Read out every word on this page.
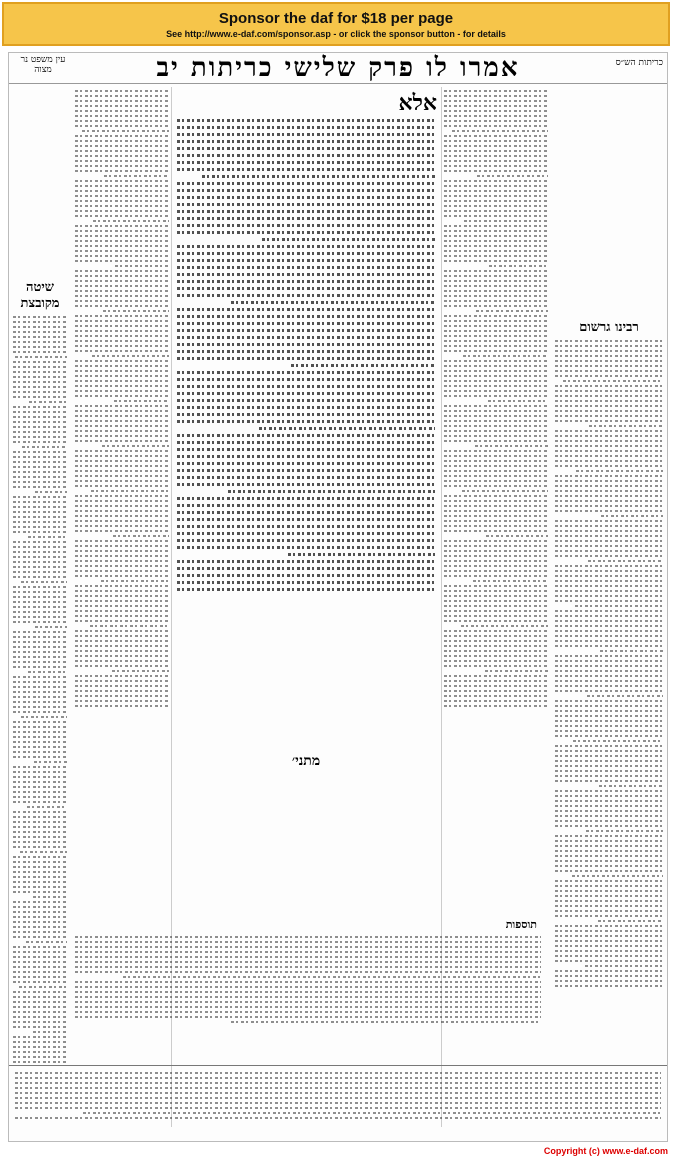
Sponsor the daf for $18 per page
See http://www.e-daf.com/sponsor.asp - or click the sponsor button - for details
עין משפט נר מצוה	אמרו לו פרק שלישי כריתות יב	כריתות הש״ס
שיטה מקובצת
אלא
רבינו גרשום
תוספות
מתני׳
Copyright (c) www.e-daf.com
